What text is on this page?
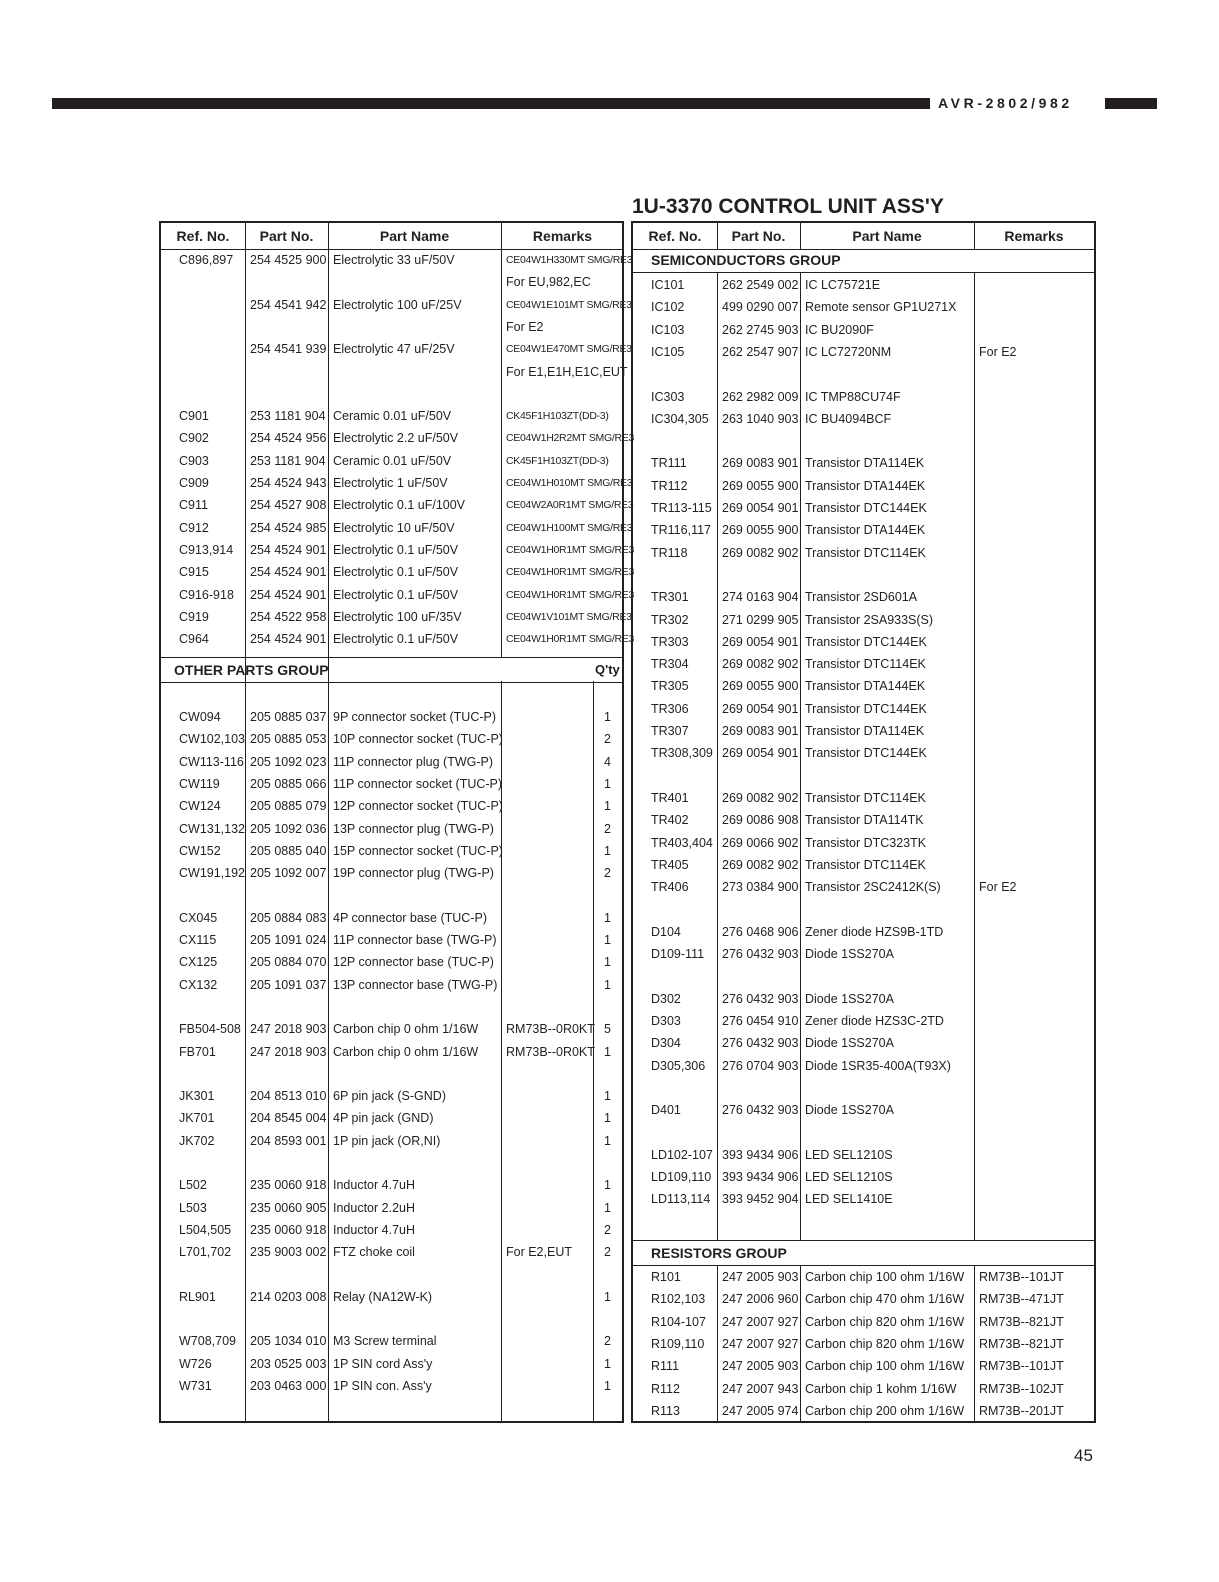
AVR-2802/982
1U-3370 CONTROL UNIT ASS'Y
Ref. No.	Part No.	Part Name	Remarks
C896,897	254 4525 900 Electrolytic 33 uF/50V	CE04W1H330MT SMG/RE3
For EU,982,EC
254 4541 942 Electrolytic 100 uF/25V	CE04W1E101MT SMG/RE3
For E2
254 4541 939 Electrolytic 47 uF/25V	CE04W1E470MT SMG/RE3
For E1,E1H,E1C,EUT
C901	253 1181 904 Ceramic 0.01 uF/50V	CK45F1H103ZT(DD-3)
C902	254 4524 956 Electrolytic 2.2 uF/50V	CE04W1H2R2MT SMG/RE3
C903	253 1181 904 Ceramic 0.01 uF/50V	CK45F1H103ZT(DD-3)
C909	254 4524 943 Electrolytic 1 uF/50V	CE04W1H010MT SMG/RE3
C911	254 4527 908 Electrolytic 0.1 uF/100V	CE04W2A0R1MT SMG/RE3
C912	254 4524 985 Electrolytic 10 uF/50V	CE04W1H100MT SMG/RE3
C913,914	254 4524 901 Electrolytic 0.1 uF/50V	CE04W1H0R1MT SMG/RE3
C915	254 4524 901 Electrolytic 0.1 uF/50V	CE04W1H0R1MT SMG/RE3
C916-918	254 4524 901 Electrolytic 0.1 uF/50V	CE04W1H0R1MT SMG/RE3
C919	254 4522 958 Electrolytic 100 uF/35V	CE04W1V101MT SMG/RE3
C964	254 4524 901 Electrolytic 0.1 uF/50V	CE04W1H0R1MT SMG/RE3
OTHER PARTS GROUP	Q'ty
CW094	205 0885 037 9P connector socket (TUC-P)	1
CW102,103 205 0885 053 10P connector socket (TUC-P)	2
CW113-116 205 1092 023 11P connector plug (TWG-P)	4
CW119	205 0885 066 11P connector socket (TUC-P)	1
CW124	205 0885 079 12P connector socket (TUC-P)	1
CW131,132 205 1092 036 13P connector plug (TWG-P)	2
CW152	205 0885 040 15P connector socket (TUC-P)	1
CW191,192 205 1092 007 19P connector plug (TWG-P)	2
CX045	205 0884 083 4P connector base (TUC-P)	1
CX115	205 1091 024 11P connector base (TWG-P)	1
CX125	205 0884 070 12P connector base (TUC-P)	1
CX132	205 1091 037 13P connector base (TWG-P)	1
FB504-508 247 2018 903 Carbon chip 0 ohm 1/16W	RM73B--0R0KT 5
FB701	247 2018 903 Carbon chip 0 ohm 1/16W	RM73B--0R0KT 1
JK301	204 8513 010 6P pin jack (S-GND)	1
JK701	204 8545 004 4P pin jack (GND)	1
JK702	204 8593 001 1P pin jack (OR,NI)	1
L502	235 0060 918 Inductor 4.7uH	1
L503	235 0060 905 Inductor 2.2uH	1
L504,505	235 0060 918 Inductor 4.7uH	2
L701,702	235 9003 002 FTZ choke coil	For E2,EUT	2
RL901	214 0203 008 Relay (NA12W-K)	1
W708,709	205 1034 010 M3 Screw terminal	2
W726	203 0525 003 1P SIN cord Ass'y	1
W731	203 0463 000 1P SIN con. Ass'y	1
Ref. No.	Part No.	Part Name	Remarks
SEMICONDUCTORS GROUP
IC101	262 2549 002 IC LC75721E
IC102	499 0290 007 Remote sensor GP1U271X
IC103	262 2745 903 IC BU2090F
IC105	262 2547 907 IC LC72720NM	For E2
IC303	262 2982 009 IC TMP88CU74F
IC304,305	263 1040 903 IC BU4094BCF
TR111	269 0083 901 Transistor DTA114EK
TR112	269 0055 900 Transistor DTA144EK
TR113-115 269 0054 901 Transistor DTC144EK
TR116,117 269 0055 900 Transistor DTA144EK
TR118	269 0082 902 Transistor DTC114EK
TR301	274 0163 904 Transistor 2SD601A
TR302	271 0299 905 Transistor 2SA933S(S)
TR303	269 0054 901 Transistor DTC144EK
TR304	269 0082 902 Transistor DTC114EK
TR305	269 0055 900 Transistor DTA144EK
TR306	269 0054 901 Transistor DTC144EK
TR307	269 0083 901 Transistor DTA114EK
TR308,309 269 0054 901 Transistor DTC144EK
TR401	269 0082 902 Transistor DTC114EK
TR402	269 0086 908 Transistor DTA114TK
TR403,404 269 0066 902 Transistor DTC323TK
TR405	269 0082 902 Transistor DTC114EK
TR406	273 0384 900 Transistor 2SC2412K(S)	For E2
D104	276 0468 906 Zener diode HZS9B-1TD
D109-111	276 0432 903 Diode 1SS270A
D302	276 0432 903 Diode 1SS270A
D303	276 0454 910 Zener diode HZS3C-2TD
D304	276 0432 903 Diode 1SS270A
D305,306	276 0704 903 Diode 1SR35-400A(T93X)
D401	276 0432 903 Diode 1SS270A
LD102-107 393 9434 906 LED SEL1210S
LD109,110 393 9434 906 LED SEL1210S
LD113,114 393 9452 904 LED SEL1410E
RESISTORS GROUP
R101	247 2005 903 Carbon chip 100 ohm 1/16W	RM73B--101JT
R102,103	247 2006 960 Carbon chip 470 ohm 1/16W	RM73B--471JT
R104-107	247 2007 927 Carbon chip 820 ohm 1/16W	RM73B--821JT
R109,110	247 2007 927 Carbon chip 820 ohm 1/16W	RM73B--821JT
R111	247 2005 903 Carbon chip 100 ohm 1/16W	RM73B--101JT
R112	247 2007 943 Carbon chip 1 kohm 1/16W	RM73B--102JT
R113	247 2005 974 Carbon chip 200 ohm 1/16W	RM73B--201JT
45
